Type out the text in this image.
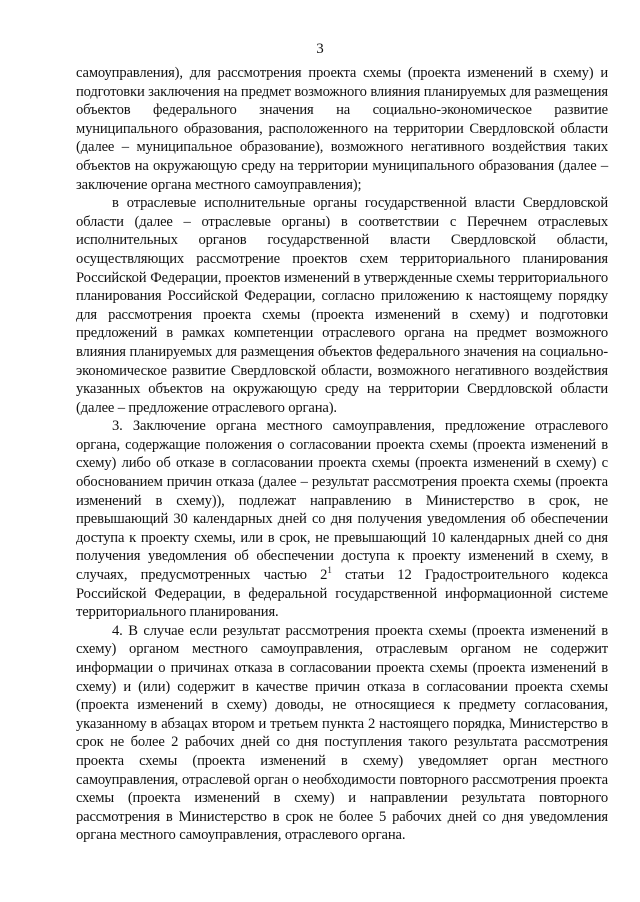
3

самоуправления), для рассмотрения проекта схемы (проекта изменений в схему) и подготовки заключения на предмет возможного влияния планируемых для размещения объектов федерального значения на социально-экономическое развитие муниципального образования, расположенного на территории Свердловской области (далее – муниципальное образование), возможного негативного воздействия таких объектов на окружающую среду на территории муниципального образования (далее – заключение органа местного самоуправления);

в отраслевые исполнительные органы государственной власти Свердловской области (далее – отраслевые органы) в соответствии с Перечнем отраслевых исполнительных органов государственной власти Свердловской области, осуществляющих рассмотрение проектов схем территориального планирования Российской Федерации, проектов изменений в утвержденные схемы территориального планирования Российской Федерации, согласно приложению к настоящему порядку для рассмотрения проекта схемы (проекта изменений в схему) и подготовки предложений в рамках компетенции отраслевого органа на предмет возможного влияния планируемых для размещения объектов федерального значения на социально-экономическое развитие Свердловской области, возможного негативного воздействия указанных объектов на окружающую среду на территории Свердловской области (далее – предложение отраслевого органа).

3. Заключение органа местного самоуправления, предложение отраслевого органа, содержащие положения о согласовании проекта схемы (проекта изменений в схему) либо об отказе в согласовании проекта схемы (проекта изменений в схему) с обоснованием причин отказа (далее – результат рассмотрения проекта схемы (проекта изменений в схему)), подлежат направлению в Министерство в срок, не превышающий 30 календарных дней со дня получения уведомления об обеспечении доступа к проекту схемы, или в срок, не превышающий 10 календарных дней со дня получения уведомления об обеспечении доступа к проекту изменений в схему, в случаях, предусмотренных частью $2^1$ статьи 12 Градостроительного кодекса Российской Федерации, в федеральной государственной информационной системе территориального планирования.

4. В случае если результат рассмотрения проекта схемы (проекта изменений в схему) органом местного самоуправления, отраслевым органом не содержит информации о причинах отказа в согласовании проекта схемы (проекта изменений в схему) и (или) содержит в качестве причин отказа в согласовании проекта схемы (проекта изменений в схему) доводы, не относящиеся к предмету согласования, указанному в абзацах втором и третьем пункта 2 настоящего порядка, Министерство в срок не более 2 рабочих дней со дня поступления такого результата рассмотрения проекта схемы (проекта изменений в схему) уведомляет орган местного самоуправления, отраслевой орган о необходимости повторного рассмотрения проекта схемы (проекта изменений в схему) и направлении результата повторного рассмотрения в Министерство в срок не более 5 рабочих дней со дня уведомления органа местного самоуправления, отраслевого органа.
